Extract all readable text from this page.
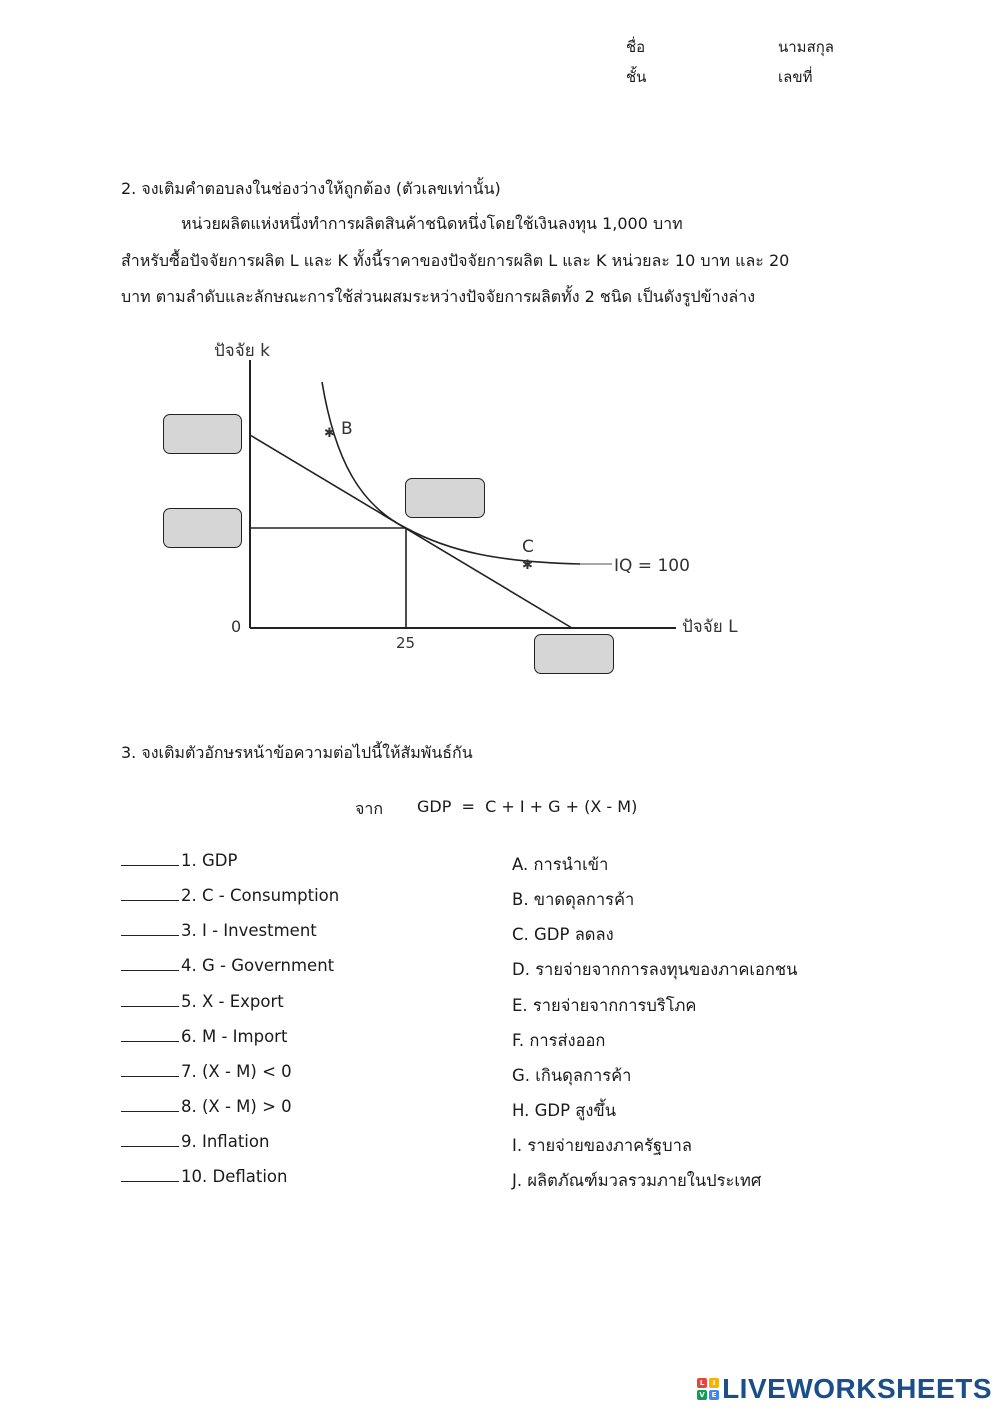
ชื่อ	นามสกุล
ชั้น	เลขที่
2. จงเติมคำตอบลงในช่องว่างให้ถูกต้อง (ตัวเลขเท่านั้น)
หน่วยผลิตแห่งหนึ่งทำการผลิตสินค้าชนิดหนึ่งโดยใช้เงินลงทุน 1,000 บาท
สำหรับซื้อปัจจัยการผลิต L และ K ทั้งนี้ราคาของปัจจัยการผลิต L และ K หน่วยละ 10 บาท และ 20
บาท ตามลำดับและลักษณะการใช้ส่วนผสมระหว่างปัจจัยการผลิตทั้ง 2 ชนิด เป็นดังรูปข้างล่าง
✱
✱
ปัจจัย k
ปัจจัย L
0
25
B
C
IQ = 100
3. จงเติมตัวอักษรหน้าข้อความต่อไปนี้ให้สัมพันธ์กัน
จาก GDP  =  C + I + G + (X - M)
1. GDP
2. C - Consumption
3. I - Investment
4. G - Government
5. X - Export
6. M - Import
7. (X - M) < 0
8. (X - M) > 0
9. Inflation
10. Deflation
A. การนำเข้า
B. ขาดดุลการค้า
C. GDP ลดลง
D. รายจ่ายจากการลงทุนของภาคเอกชน
E. รายจ่ายจากการบริโภค
F. การส่งออก
G. เกินดุลการค้า
H. GDP สูงขึ้น
I. รายจ่ายของภาครัฐบาล
J. ผลิตภัณฑ์มวลรวมภายในประเทศ
L	I
V E LIVEWORKSHEETS
